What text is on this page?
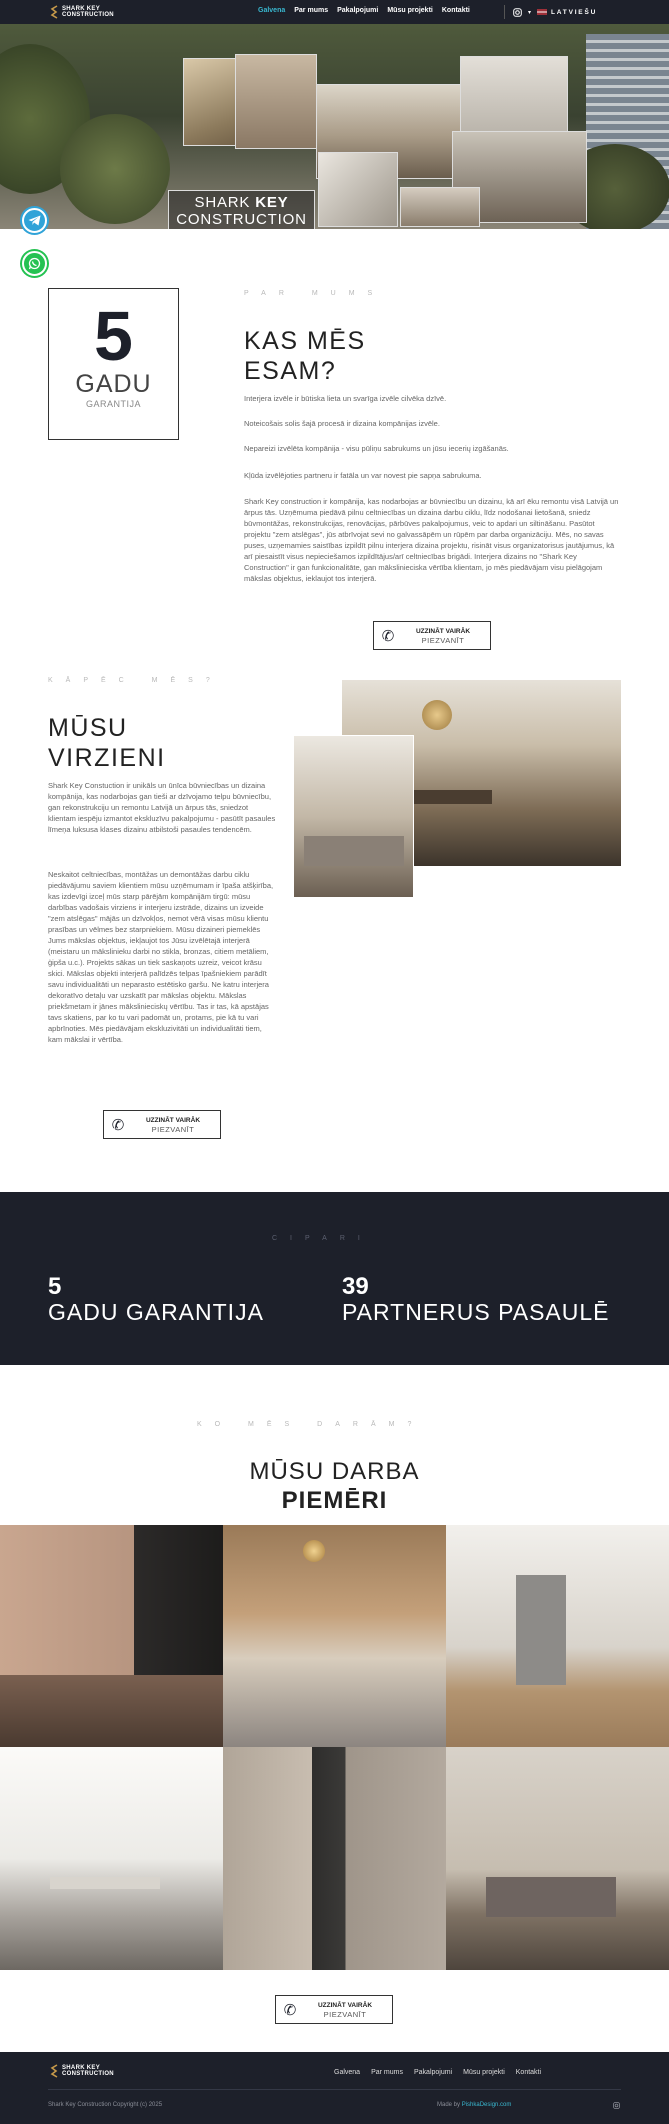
SHARK KEY
CONSTRUCTION
Galvena Par mums Pakalpojumi Mūsu projekti Kontakti	▾	LATVIEŠU
SHARK KEY
CONSTRUCTION
5
GADU
GARANTIJA
PAR MUMS
KAS MĒS
ESAM?
Interjera izvēle ir būtiska lieta un svarīga izvēle cilvēka dzīvē.
Noteicošais solis šajā procesā ir dizaina kompānijas izvēle.
Nepareizi izvēlēta kompānija - visu pūliņu sabrukums un jūsu iecerių izgāšanās.
Kļūda izvēlējoties partneru ir fatāla un var novest pie sapņa sabrukuma.
Shark Key construction ir kompānija, kas nodarbojas ar būvniecību un dizainu, kā arī ēku remontu visā Latvijā un ārpus tās. Uzņēmuma piedāvā pilnu celtniecības un dizaina darbu ciklu, līdz nodošanai lietošanā, sniedz būvmontāžas, rekonstrukcijas, renovācijas, pārbūves pakalpojumus, veic to apdari un siltināšanu. Pasūtot projektu "zem atslēgas", jūs atbrīvojat sevi no galvassāpēm un rūpēm par darba organizāciju. Mēs, no savas puses, uzņemamies saistības izpildīt pilnu interjera dizaina projektu, risināt visus organizatorisus jautājumus, kā arī piesaistīt visus nepieciešamos izpildītājus/arī celtniecības brigādi. Interjera dizains no "Shark Key Construction" ir gan funkcionalitāte, gan mākslinieciska vērtība klientam, jo mēs piedāvājam visu pielāgojam mākslas objektus, ieklaujot tos interjerā.
✆	UZZINĀT VAIRĀK
PIEZVANĪT
KĀPĒC MĒS?
MŪSU
VIRZIENI
Shark Key Constuction ir unikāls un ūnīca būvniecības un dizaina kompānija, kas nodarbojas gan tieši ar dzīvojamo telpu būvniecību, gan rekonstrukciju un remontu Latvijā un ārpus tās, sniedzot klientam iespēju izmantot ekskluzīvu pakalpojumu - pasūtīt pasaules līmeņa luksusa klases dizainu atbilstoši pasaules tendencēm.
Neskaitot celtniecības, montāžas un demontāžas darbu ciklu piedāvājumu saviem klientiem mūsu uzņēmumam ir īpaša atšķirība, kas izdevīgi izceļ mūs starp pārējām kompānijām tirgū: mūsu darbības vadošais virziens ir interjeru izstrāde, dizains un izveide "zem atslēgas" mājās un dzīvokļos, nemot vērā visas mūsu klientu prasības un vēlmes bez starpniekiem. Mūsu dizaineri piemeklēs Jums mākslas objektus, iekļaujot tos Jūsu izvēlētajā interjerā (meistaru un mākslinieku darbi no stikla, bronzas, citiem metāliem, ģipša u.c.). Projekts sākas un tiek saskaņots uzreiz, veicot krāsu skici. Mākslas objekti interjerā palīdzēs telpas īpašniekiem parādīt savu individualitāti un neparasto estētisko garšu. Ne katru interjera dekoratīvo detaļu var uzskatīt par mākslas objektu. Mākslas priekšmetam ir jānes mākslinieciskų vērtību. Tas ir tas, kā apstājas tavs skatiens, par ko tu vari padomāt un, protams, pie kā tu vari apbrīnoties. Mēs piedāvājam ekskluzivitāti un individualitāti tiem, kam mākslai ir vērtība.
✆	UZZINĀT VAIRĀK
PIEZVANĪT
CIPARI
5
GADU GARANTIJA
39
PARTNERUS PASAULĒ
KO MĒS DARĀM?
MŪSU DARBA
PIEMĒRI
✆	UZZINĀT VAIRĀK
PIEZVANĪT
SHARK KEY
CONSTRUCTION	Galvena Par mums Pakalpojumi Mūsu projekti Kontakti
Shark Key Construction Copyright (c) 2025	Made by PishkaDesign.com
